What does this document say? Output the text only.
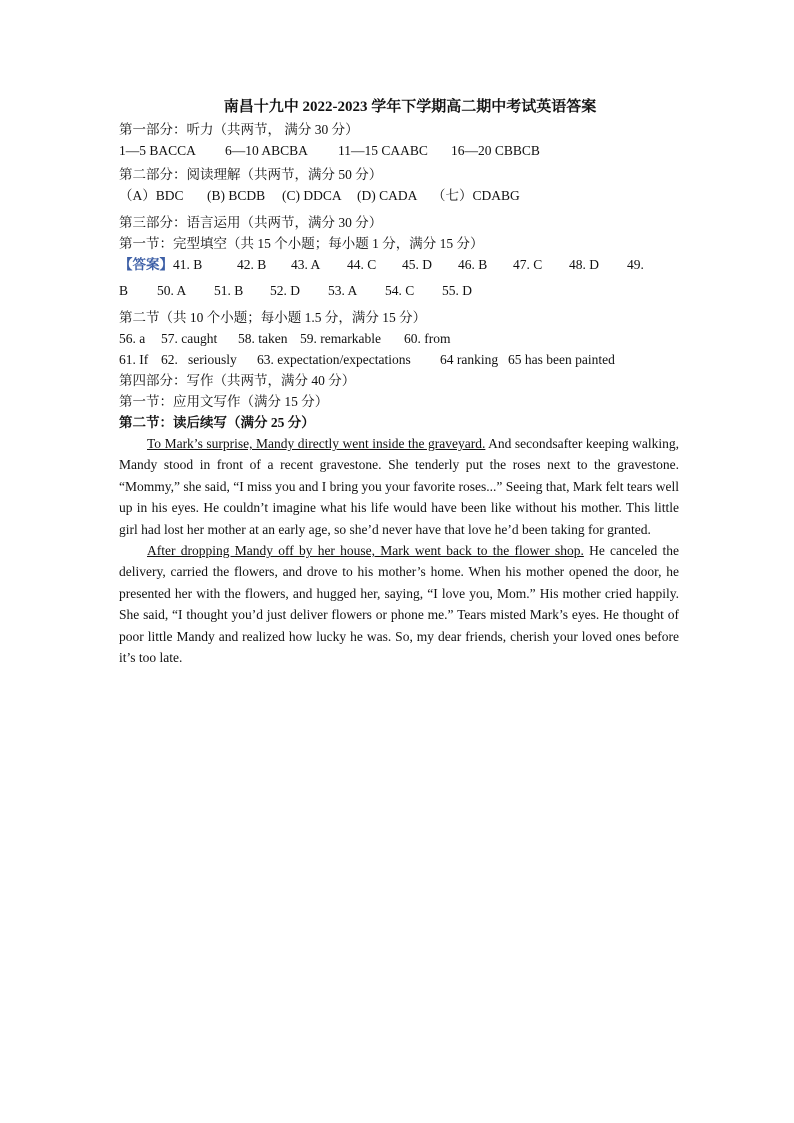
南昌十九中 2022-2023 学年下学期高二期中考试英语答案
第一部分：听力（共两节， 满分 30 分）
1—5 BACCA 6—10 ABCBA 11—15 CAABC 16—20 CBBCB
第二部分：阅读理解（共两节，满分 50 分）
（A）BDC (B) BCDB (C) DDCA (D) CADA （七）CDABG
第三部分：语言运用（共两节，满分 30 分）
第一节：完型填空（共 15 个小题；每小题 1 分，满分 15 分）
【答案】41. B	42. B 43. A 44. C 45. D 46. B 47. C 48. D 49.
B 50. A 51. B 52. D 53. A 54. C 55. D
第二节（共 10 个小题；每小题 1.5 分，满分 15 分）
56. a 57. caught 58. taken 59. remarkable 60. from
61. If 62.   seriously 63. expectation/expectations 64 ranking 65 has been painted
第四部分：写作（共两节，满分 40 分）
第一节：应用文写作（满分 15 分）
第二节：读后续写（满分 25 分）

To Mark’s surprise, Mandy directly went inside the graveyard. And secondsafter keeping walking, Mandy stood in front of a recent gravestone. She tenderly put the roses next to the gravestone. “Mommy,” she said, “I miss you and I bring you your favorite roses...” Seeing that, Mark felt tears well up in his eyes. He couldn’t imagine what his life would have been like without his mother. This little girl had lost her mother at an early age, so she’d never have that love he’d been taking for granted.

After dropping Mandy off by her house, Mark went back to the flower shop. He canceled the delivery, carried the flowers, and drove to his mother’s home. When his mother opened the door, he presented her with the flowers, and hugged her, saying, “I love you, Mom.” His mother cried happily. She said, “I thought you’d just deliver flowers or phone me.” Tears misted Mark’s eyes. He thought of poor little Mandy and realized how lucky he was. So, my dear friends, cherish your loved ones before it’s too late.
